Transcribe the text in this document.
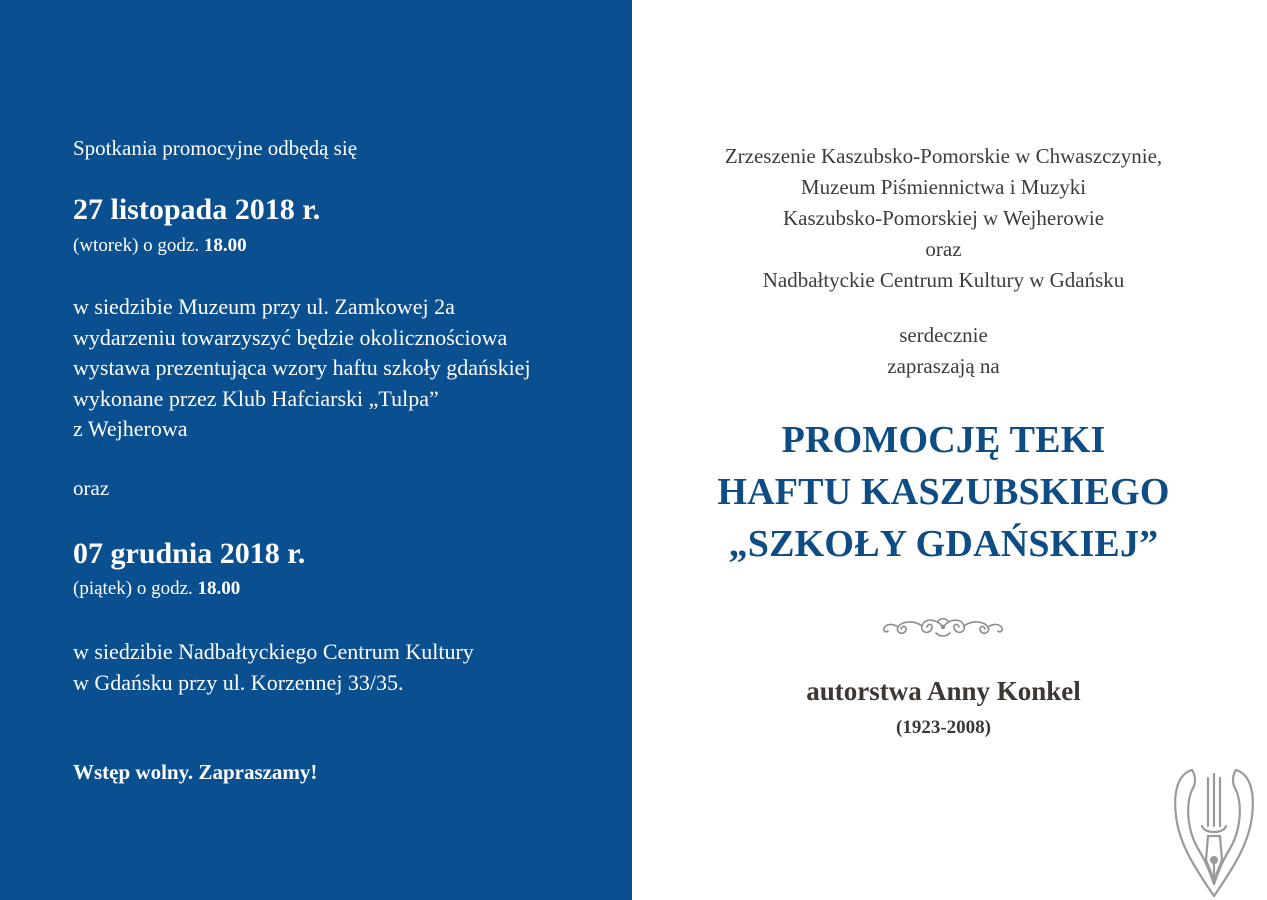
Spotkania promocyjne odbędą się
27 listopada 2018 r.
(wtorek) o godz. 18.00
w siedzibie Muzeum przy ul. Zamkowej 2a
wydarzeniu towarzyszyć będzie okolicznościowa
wystawa prezentująca wzory haftu szkoły gdańskiej
wykonane przez Klub Hafciarski „Tulpa”
z Wejherowa
oraz
07 grudnia 2018 r.
(piątek) o godz. 18.00
w siedzibie Nadbałtyckiego Centrum Kultury
w Gdańsku przy ul. Korzennej 33/35.
Wstęp wolny. Zapraszamy!
Zrzeszenie Kaszubsko-Pomorskie w Chwaszczynie,
Muzeum Piśmiennictwa i Muzyki
Kaszubsko-Pomorskiej w Wejherowie
oraz
Nadbałtyckie Centrum Kultury w Gdańsku
serdecznie
zapraszają na
PROMOCJĘ TEKI
HAFTU KASZUBSKIEGO
„SZKOŁY GDAŃSKIEJ”
autorstwa Anny Konkel
(1923-2008)
